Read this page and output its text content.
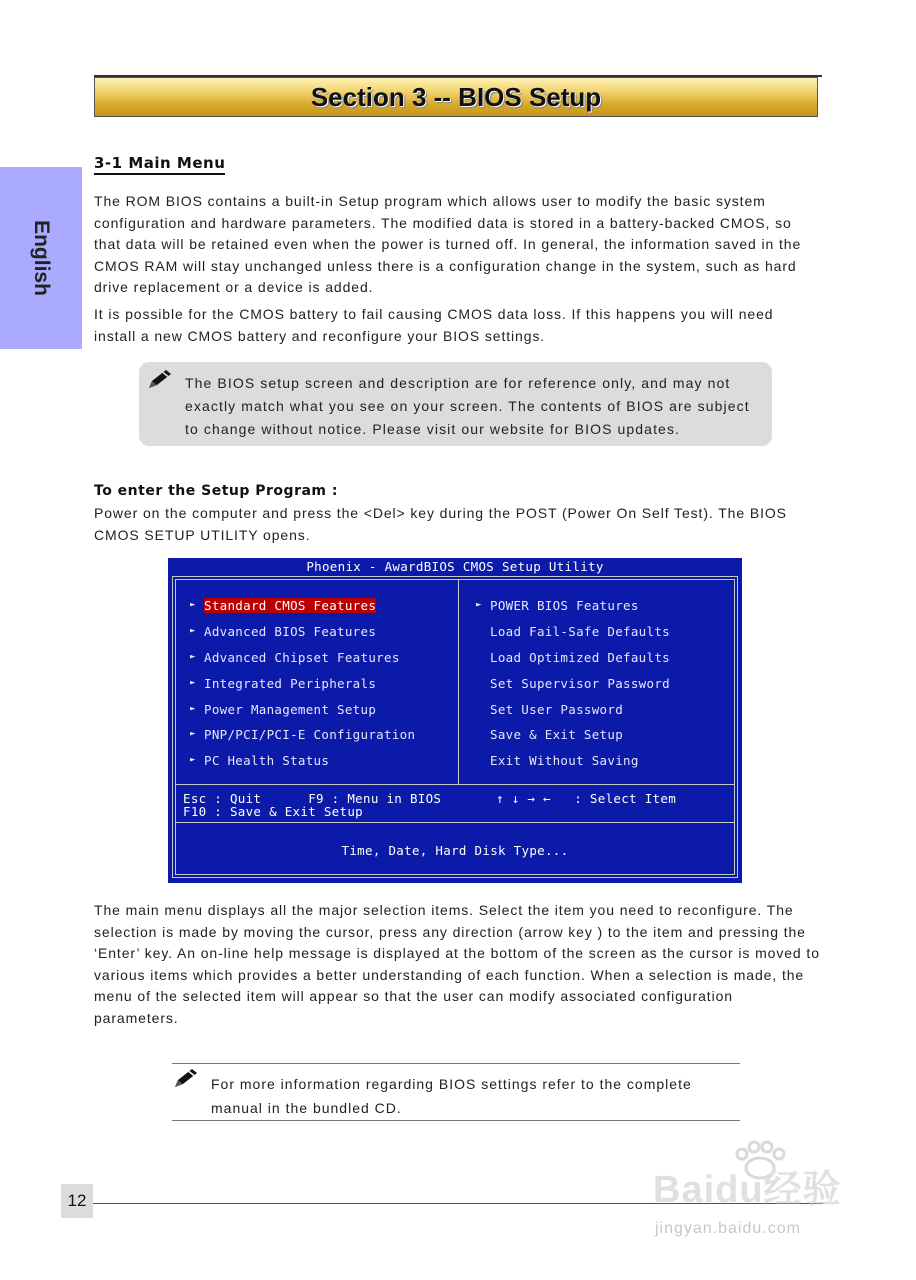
Section 3 -- BIOS Setup
English
3-1 Main Menu
The ROM BIOS contains a built-in Setup program which allows user to modify the basic system configuration and hardware parameters. The modified data is stored in a battery-backed CMOS, so that data will be retained even when the power is turned off. In general, the information saved in the CMOS RAM will stay unchanged unless there is a configuration change in the system, such as hard drive replacement or a device is added.
It is possible for the CMOS battery to fail causing CMOS data loss. If this happens you will need install a new CMOS battery and reconfigure your BIOS settings.
The BIOS setup screen and description are for reference only, and may not exactly match what you see on your screen. The contents of BIOS are subject to change without notice. Please visit our website for BIOS updates.
To enter the Setup Program :
Power on the computer and press the <Del> key during the POST (Power On Self Test). The BIOS CMOS SETUP UTILITY opens.
Phoenix - AwardBIOS CMOS Setup Utility
► Standard CMOS Features
► Advanced BIOS Features
► Advanced Chipset Features
► Integrated Peripherals
► Power Management Setup
► PNP/PCI/PCI-E Configuration
► PC Health Status
► POWER BIOS Features
Load Fail-Safe Defaults
Load Optimized Defaults
Set Supervisor Password
Set User Password
Save & Exit Setup
Exit Without Saving
Esc : Quit      F9 : Menu in BIOS       ↑ ↓ → ←   : Select Item
F10 : Save & Exit Setup
Time, Date, Hard Disk Type...
The main menu displays all the major selection items. Select the item you need to reconfigure. The selection is made by moving the cursor, press any direction (arrow key ) to the item and pressing the ‘Enter’ key. An on-line help message is displayed at the bottom of the screen as the cursor is moved to various items which provides a better understanding of each function. When a selection is made, the menu of the selected item will appear so that the user can modify associated configuration parameters.
For more information regarding BIOS settings refer to the complete manual in the bundled CD.
12	Baidu经验
jingyan.baidu.com
